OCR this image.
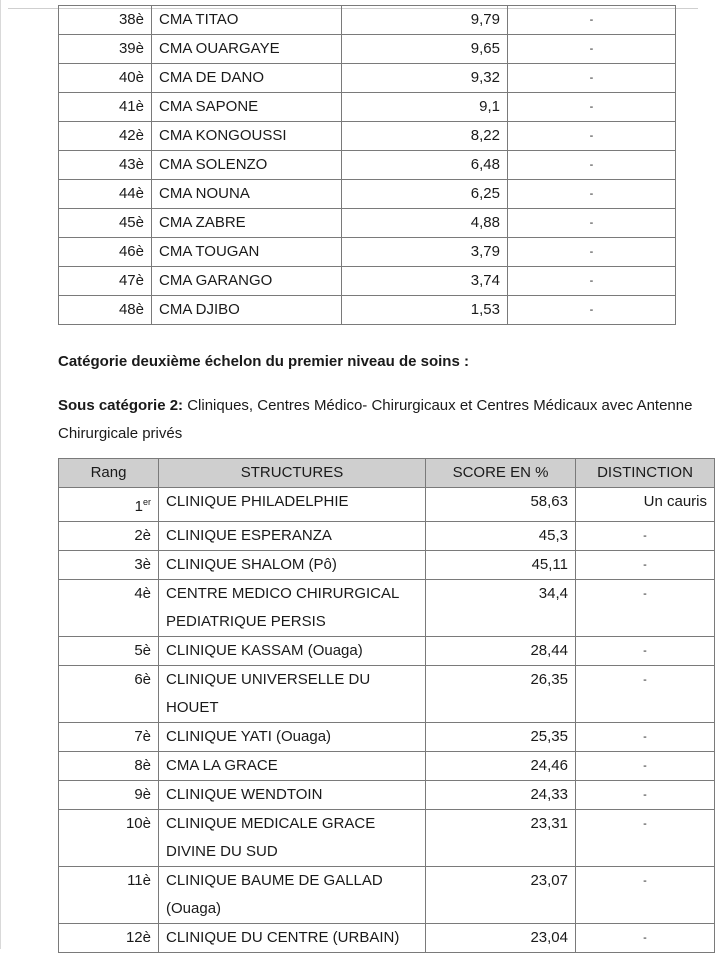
38è	CMA TITAO	9,79	-
39è	CMA OUARGAYE	9,65	-
40è	CMA DE DANO	9,32	-
41è	CMA SAPONE	9,1	-
42è	CMA KONGOUSSI	8,22	-
43è	CMA SOLENZO	6,48	-
44è	CMA NOUNA	6,25	-
45è	CMA ZABRE	4,88	-
46è	CMA TOUGAN	3,79	-
47è	CMA GARANGO	3,74	-
48è	CMA DJIBO	1,53	-
Catégorie deuxième échelon du premier niveau de soins :
Sous catégorie 2: Cliniques, Centres Médico- Chirurgicaux et Centres Médicaux avec Antenne Chirurgicale privés
Rang	STRUCTURES	SCORE EN %	DISTINCTION
1er	CLINIQUE PHILADELPHIE	58,63	Un cauris
2è	CLINIQUE ESPERANZA	45,3	-
3è	CLINIQUE SHALOM (Pô)	45,11	-
4è	CENTRE MEDICO CHIRURGICAL PEDIATRIQUE PERSIS	34,4	-
5è	CLINIQUE KASSAM (Ouaga)	28,44	-
6è	CLINIQUE UNIVERSELLE DU HOUET	26,35	-
7è	CLINIQUE YATI (Ouaga)	25,35	-
8è	CMA LA GRACE	24,46	-
9è	CLINIQUE WENDTOIN	24,33	-
10è	CLINIQUE MEDICALE GRACE DIVINE DU SUD	23,31	-
11è	CLINIQUE BAUME DE GALLAD (Ouaga)	23,07	-
12è	CLINIQUE DU CENTRE (URBAIN)	23,04	-
